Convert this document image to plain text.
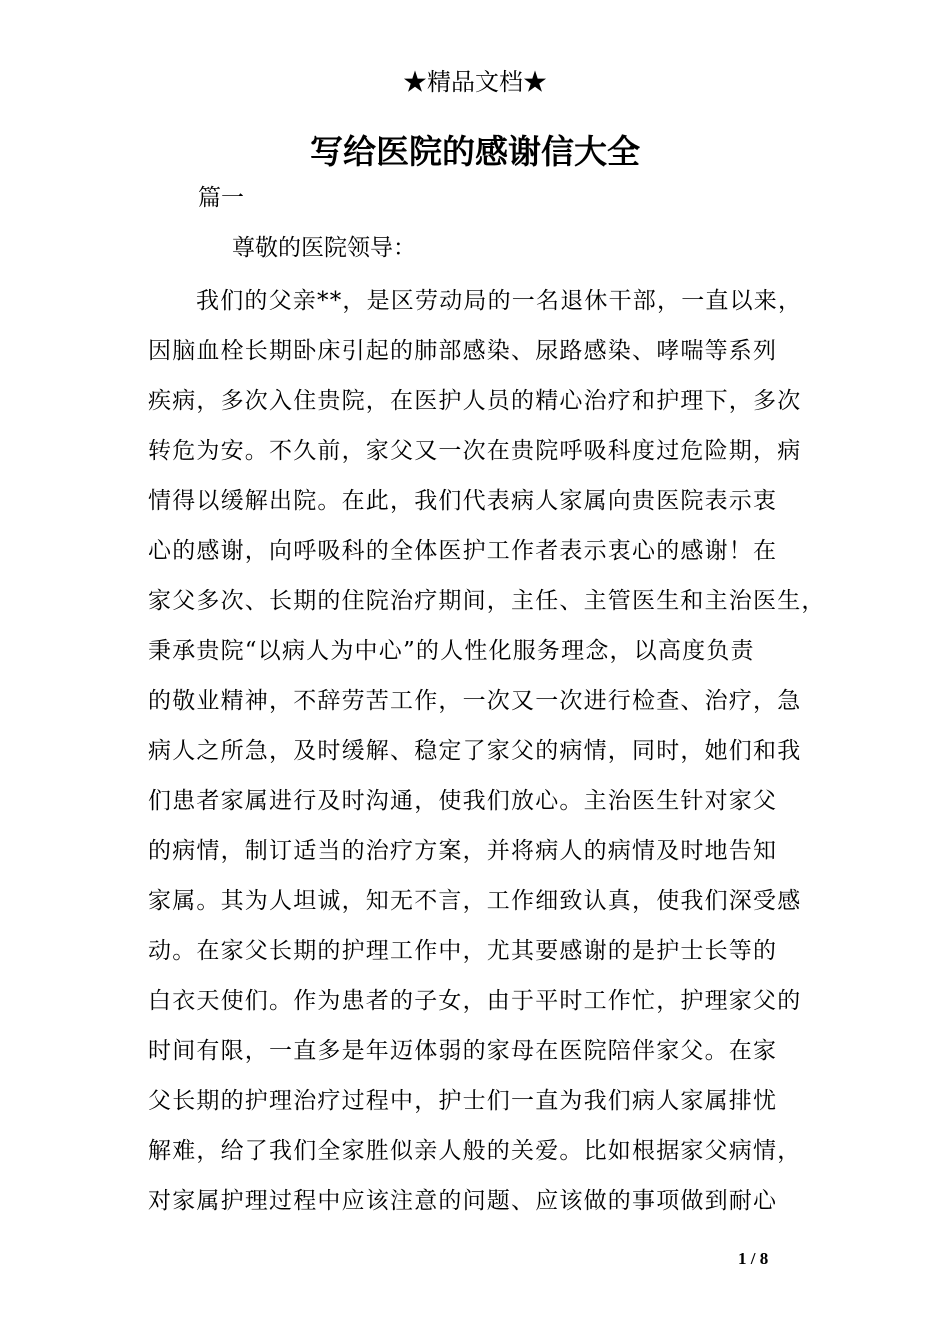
★精品文档★
写给医院的感谢信大全
篇一
尊敬的医院领导：
我们的父亲**，是区劳动局的一名退休干部，一直以来，
因脑血栓长期卧床引起的肺部感染、尿路感染、哮喘等系列
疾病，多次入住贵院，在医护人员的精心治疗和护理下，多次
转危为安。不久前，家父又一次在贵院呼吸科度过危险期，病
情得以缓解出院。在此，我们代表病人家属向贵医院表示衷
心的感谢，向呼吸科的全体医护工作者表示衷心的感谢！在
家父多次、长期的住院治疗期间，主任、主管医生和主治医生，
秉承贵院“以病人为中心”的人性化服务理念，以高度负责
的敬业精神，不辞劳苦工作，一次又一次进行检查、治疗，急
病人之所急，及时缓解、稳定了家父的病情，同时，她们和我
们患者家属进行及时沟通，使我们放心。主治医生针对家父
的病情，制订适当的治疗方案，并将病人的病情及时地告知
家属。其为人坦诚，知无不言，工作细致认真，使我们深受感
动。在家父长期的护理工作中，尤其要感谢的是护士长等的
白衣天使们。作为患者的子女，由于平时工作忙，护理家父的
时间有限，一直多是年迈体弱的家母在医院陪伴家父。在家
父长期的护理治疗过程中，护士们一直为我们病人家属排忧
解难，给了我们全家胜似亲人般的关爱。比如根据家父病情，
对家属护理过程中应该注意的问题、应该做的事项做到耐心
1 / 8
